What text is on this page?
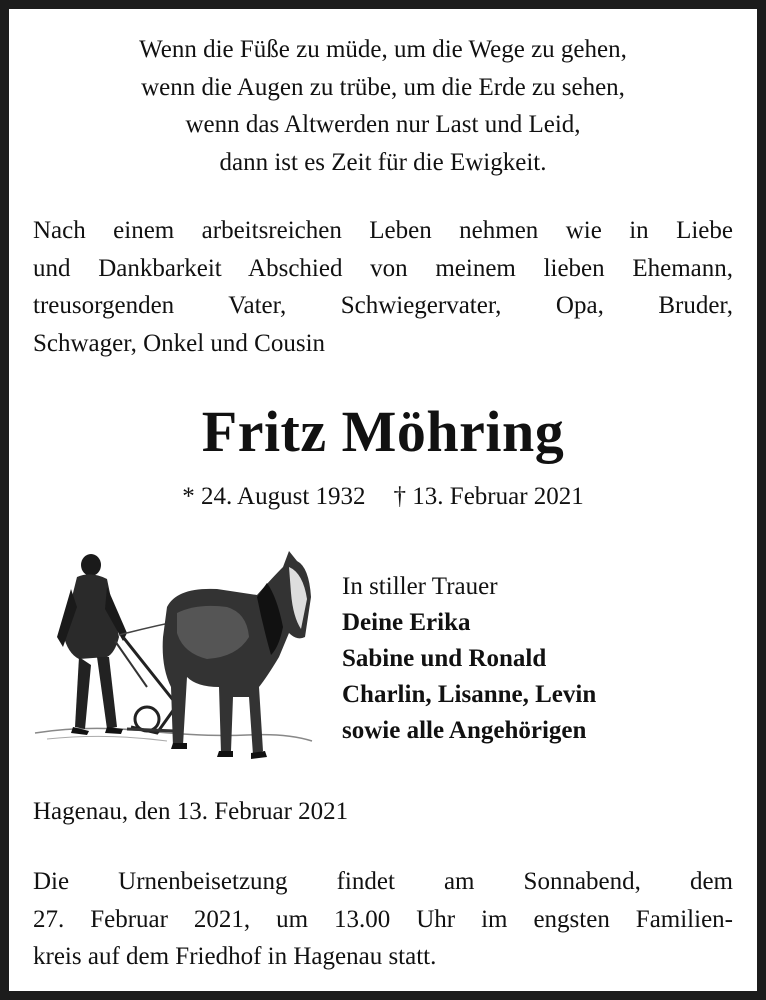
Wenn die Füße zu müde, um die Wege zu gehen,
wenn die Augen zu trübe, um die Erde zu sehen,
wenn das Altwerden nur Last und Leid,
dann ist es Zeit für die Ewigkeit.
Nach einem arbeitsreichen Leben nehmen wie in Liebe
und Dankbarkeit Abschied von meinem lieben Ehemann,
treusorgenden Vater, Schwiegervater, Opa, Bruder,
Schwager, Onkel und Cousin
Fritz Möhring
* 24. August 1932 † 13. Februar 2021
In stiller Trauer
Deine Erika
Sabine und Ronald
Charlin, Lisanne, Levin
sowie alle Angehörigen
Hagenau, den 13. Februar 2021
Die Urnenbeisetzung findet am Sonnabend, dem
27. Februar 2021, um 13.00 Uhr im engsten Familien-
kreis auf dem Friedhof in Hagenau statt.
